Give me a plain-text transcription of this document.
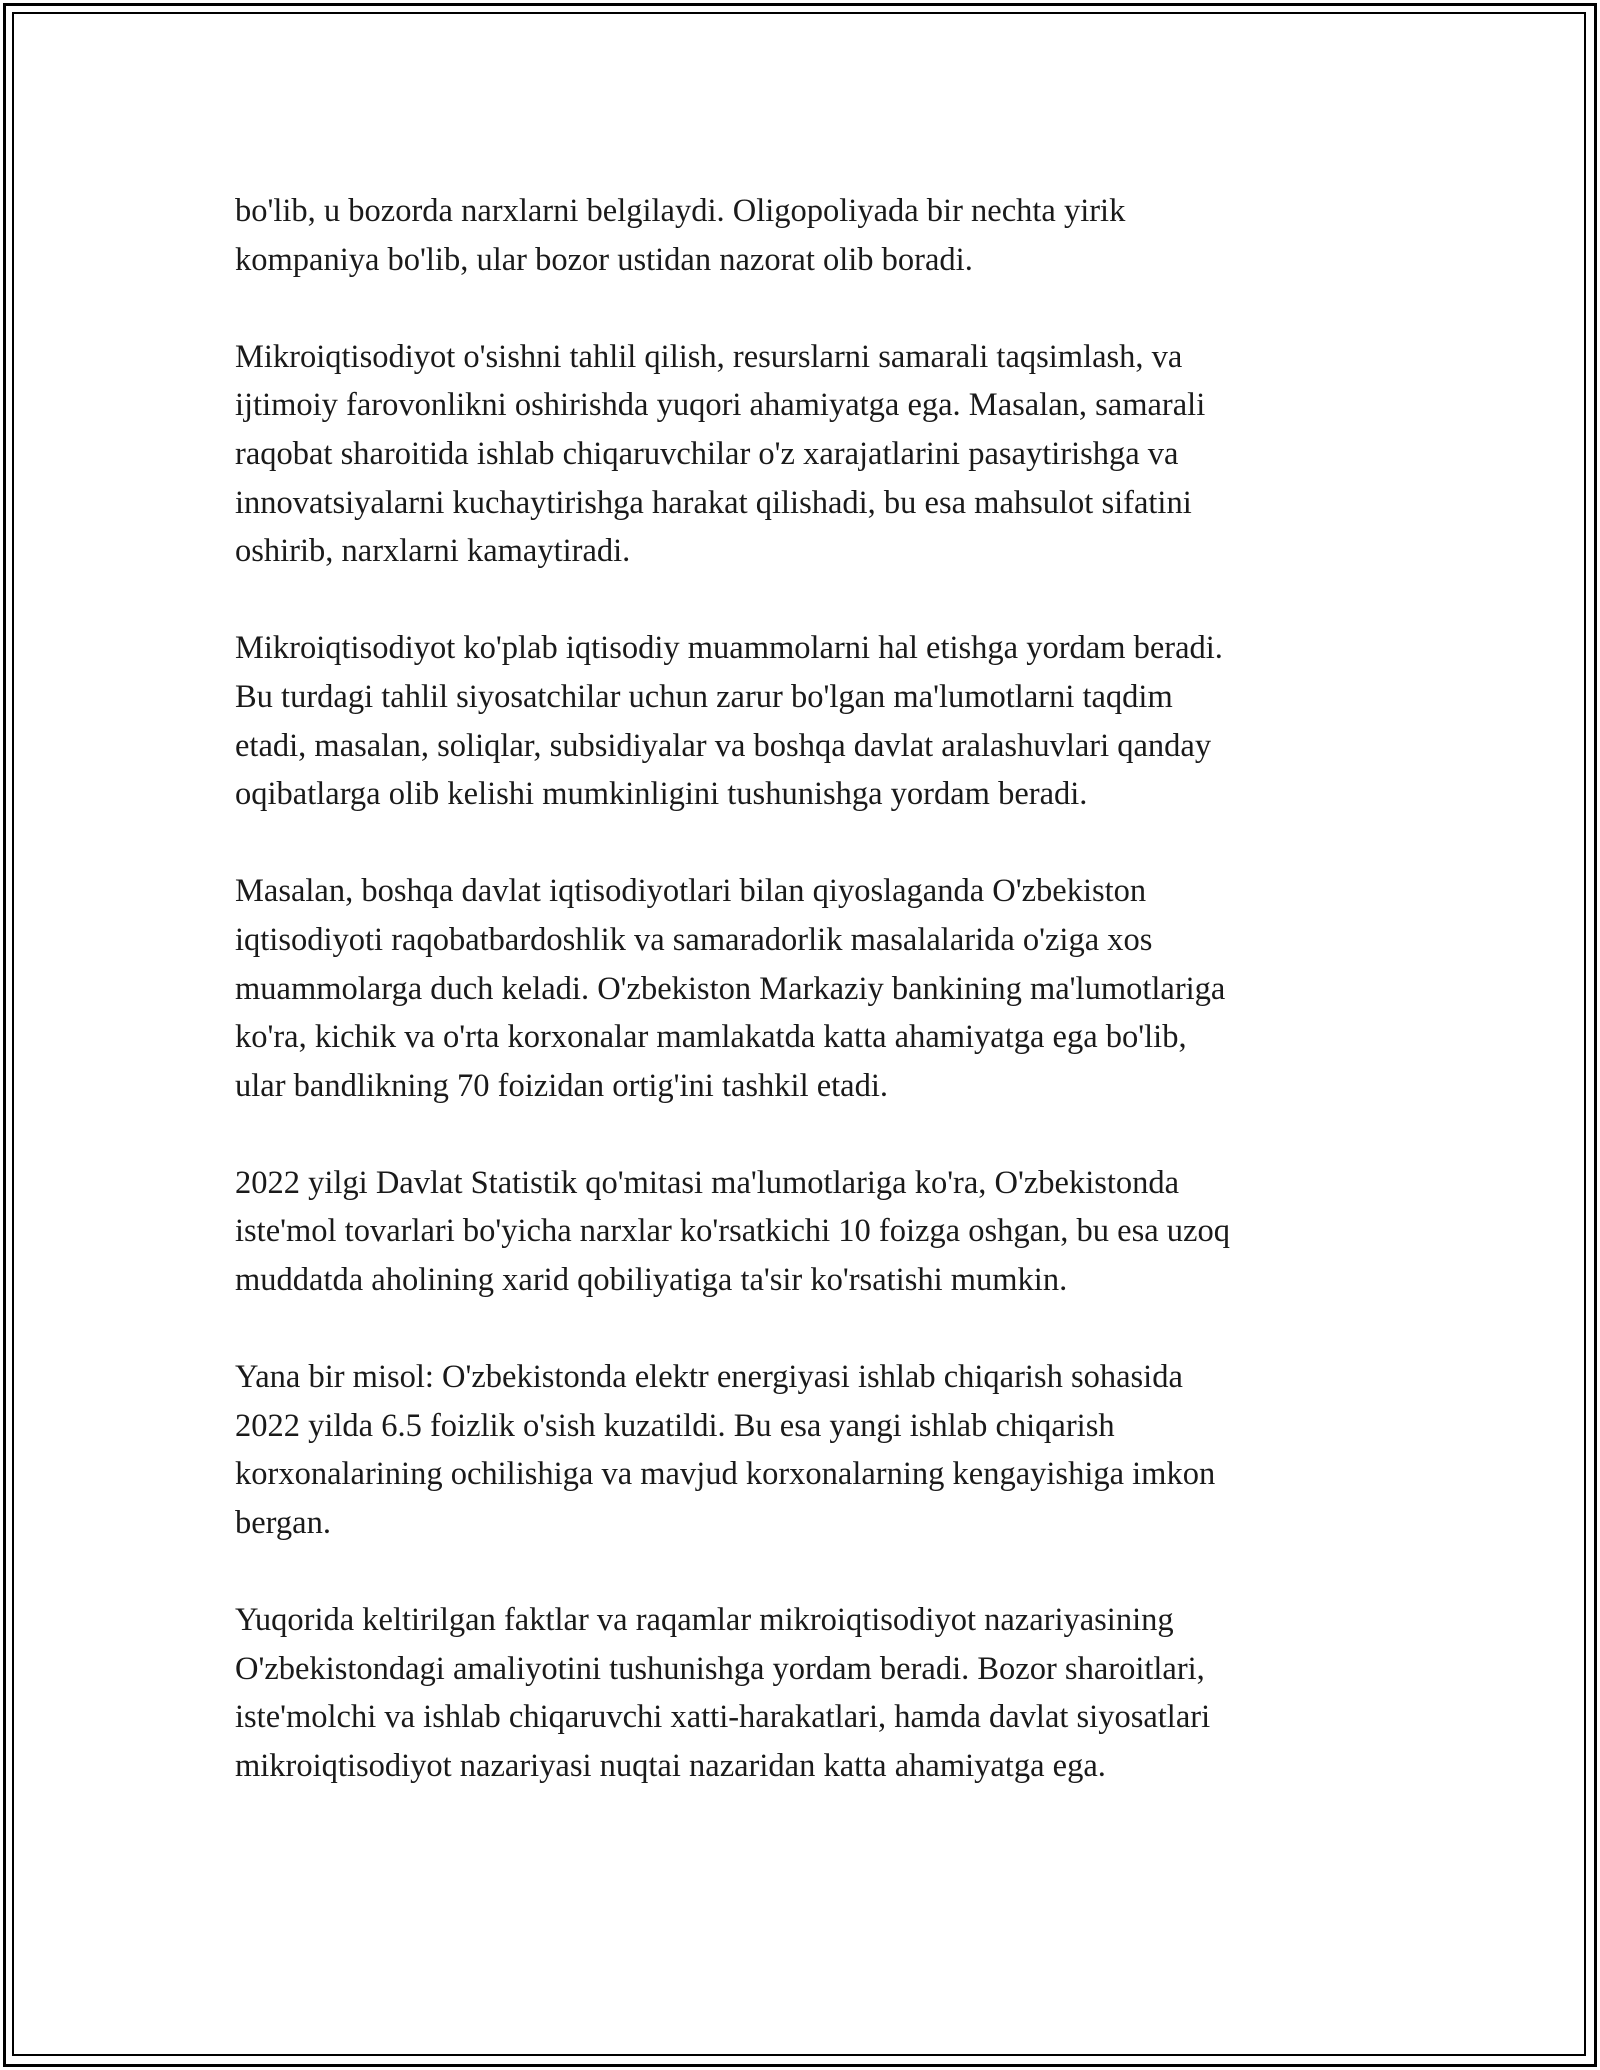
bo'lib, u bozorda narxlarni belgilaydi. Oligopoliyada bir nechta yirik
kompaniya bo'lib, ular bozor ustidan nazorat olib boradi.

Mikroiqtisodiyot o'sishni tahlil qilish, resurslarni samarali taqsimlash, va
ijtimoiy farovonlikni oshirishda yuqori ahamiyatga ega. Masalan, samarali
raqobat sharoitida ishlab chiqaruvchilar o'z xarajatlarini pasaytirishga va
innovatsiyalarni kuchaytirishga harakat qilishadi, bu esa mahsulot sifatini
oshirib, narxlarni kamaytiradi.

Mikroiqtisodiyot ko'plab iqtisodiy muammolarni hal etishga yordam beradi.
Bu turdagi tahlil siyosatchilar uchun zarur bo'lgan ma'lumotlarni taqdim
etadi, masalan, soliqlar, subsidiyalar va boshqa davlat aralashuvlari qanday
oqibatlarga olib kelishi mumkinligini tushunishga yordam beradi.

Masalan, boshqa davlat iqtisodiyotlari bilan qiyoslaganda O'zbekiston
iqtisodiyoti raqobatbardoshlik va samaradorlik masalalarida o'ziga xos
muammolarga duch keladi. O'zbekiston Markaziy bankining ma'lumotlariga
ko'ra, kichik va o'rta korxonalar mamlakatda katta ahamiyatga ega bo'lib,
ular bandlikning 70 foizidan ortig'ini tashkil etadi.

2022 yilgi Davlat Statistik qo'mitasi ma'lumotlariga ko'ra, O'zbekistonda
iste'mol tovarlari bo'yicha narxlar ko'rsatkichi 10 foizga oshgan, bu esa uzoq
muddatda aholining xarid qobiliyatiga ta'sir ko'rsatishi mumkin.

Yana bir misol: O'zbekistonda elektr energiyasi ishlab chiqarish sohasida
2022 yilda 6.5 foizlik o'sish kuzatildi. Bu esa yangi ishlab chiqarish
korxonalarining ochilishiga va mavjud korxonalarning kengayishiga imkon
bergan.

Yuqorida keltirilgan faktlar va raqamlar mikroiqtisodiyot nazariyasining
O'zbekistondagi amaliyotini tushunishga yordam beradi. Bozor sharoitlari,
iste'molchi va ishlab chiqaruvchi xatti-harakatlari, hamda davlat siyosatlari
mikroiqtisodiyot nazariyasi nuqtai nazaridan katta ahamiyatga ega.
